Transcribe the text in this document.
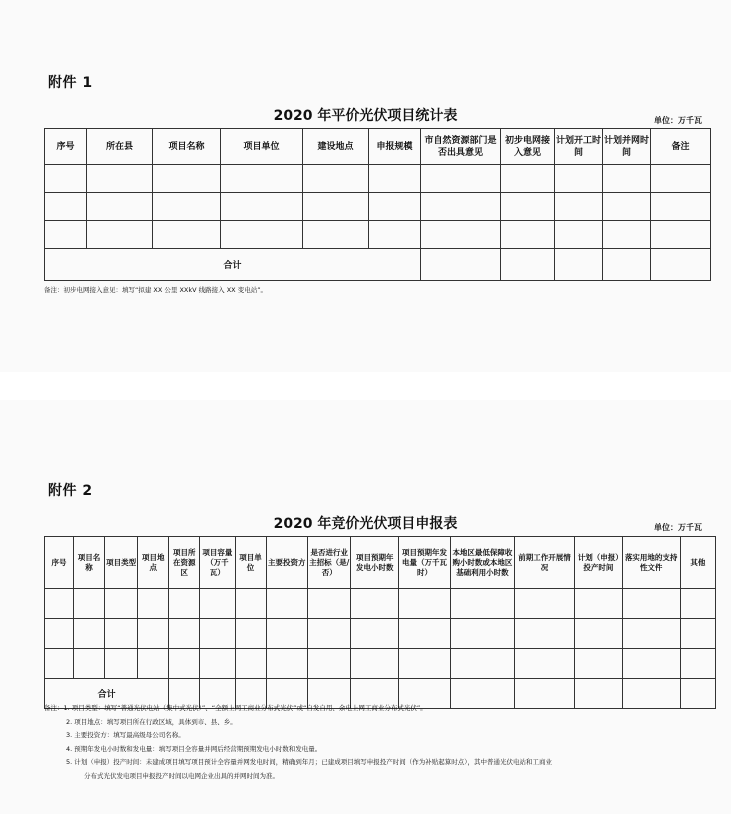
附件 1
2020 年平价光伏项目统计表	单位：万千瓦
序号	所在县	项目名称	项目单位	建设地点	申报规模	市自然资源部门是否出具意见	初步电网接入意见	计划开工时间	计划并网时间	备注

合计										
备注：初步电网接入意见：填写“拟建 XX 公里 XXkV 线路接入 XX 变电站”。
附件 2
2020 年竞价光伏项目申报表	单位：万千瓦
序号	项目名称	项目类型	项目地点	项目所在资源区	项目容量（万千瓦）	项目单位	主要投资方	是否进行业主招标（是/否）	项目预期年发电小时数	项目预期年发电量（万千瓦时）	本地区最低保障收购小时数或本地区基础利用小时数	前期工作开展情况	计划（申报）投产时间	落实用地的支持性文件	其他

合计															
备注：1. 项目类型：填写“普通光伏电站（集中式光伏）”、“全额上网工商业分布式光伏”或“自发自用、余电上网工商业分布式光伏”。
2. 项目地点：填写项目所在行政区域，具体到市、县、乡。
3. 主要投资方：填写最高级母公司名称。
4. 预期年发电小时数和发电量：填写项目全容量并网后经营期预期发电小时数和发电量。
5. 计划（申报）投产时间：未建成项目填写项目预计全容量并网发电时间，精确到年月；已建成项目填写申报投产时间（作为补贴起算时点），其中普通光伏电站和工商业
分布式光伏发电项目申报投产时间以电网企业出具的并网时间为准。
